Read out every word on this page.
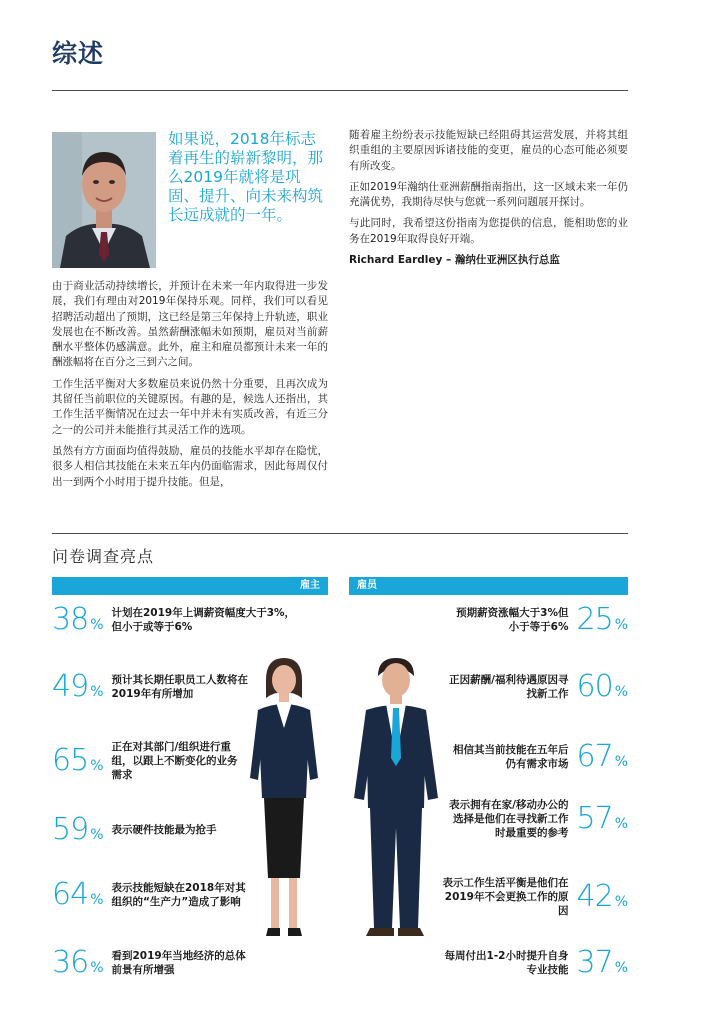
综述
如果说，2018年标志着再生的崭新黎明，那么2019年就将是巩固、提升、向未来构筑长远成就的一年。

由于商业活动持续增长，并预计在未来一年内取得进一步发展，我们有理由对2019年保持乐观。同样，我们可以看见招聘活动超出了预期，这已经是第三年保持上升轨迹，职业发展也在不断改善。虽然薪酬涨幅未如预期，雇员对当前薪酬水平整体仍感满意。此外，雇主和雇员都预计未来一年的酬涨幅将在百分之三到六之间。

工作生活平衡对大多数雇员来说仍然十分重要，且再次成为其留任当前职位的关键原因。有趣的是，候选人还指出，其工作生活平衡情况在过去一年中并未有实质改善，有近三分之一的公司并未能推行其灵活工作的选项。

虽然有方方面面均值得鼓励，雇员的技能水平却存在隐忧，很多人相信其技能在未来五年内仍面临需求，因此每周仅付出一到两个小时用于提升技能。但是，

随着雇主纷纷表示技能短缺已经阻碍其运营发展，并将其组织重组的主要原因诉诸技能的变更，雇员的心态可能必须要有所改变。

正如2019年瀚纳仕亚洲薪酬指南指出，这一区域未来一年仍充满优势，我期待尽快与您就一系列问题展开探讨。

与此同时，我希望这份指南为您提供的信息，能相助您的业务在2019年取得良好开端。

Richard Eardley – 瀚纳仕亚洲区执行总监

问卷调查亮点
雇主	雇员
38 %
计划在2019年上调薪资幅度大于3%，但小于或等于6%
49 %
预计其长期任职员工人数将在2019年有所增加
65 %
正在对其部门/组织进行重组，以跟上不断变化的业务需求
59 % 表示硬件技能最为抢手
64 %
表示技能短缺在2018年对其组织的“生产力”造成了影响
36 %
看到2019年当地经济的总体前景有所增强
预期薪资涨幅大于3%但小于等于6% 25 %
正因薪酬/福利待遇原因寻找新工作 60 %
相信其当前技能在五年后仍有需求市场 67 %
表示拥有在家/移动办公的选择是他们在寻找新工作时最重要的参考 57 %
表示工作生活平衡是他们在2019年不会更换工作的原因 42 %
每周付出1-2小时提升自身专业技能 37 %
